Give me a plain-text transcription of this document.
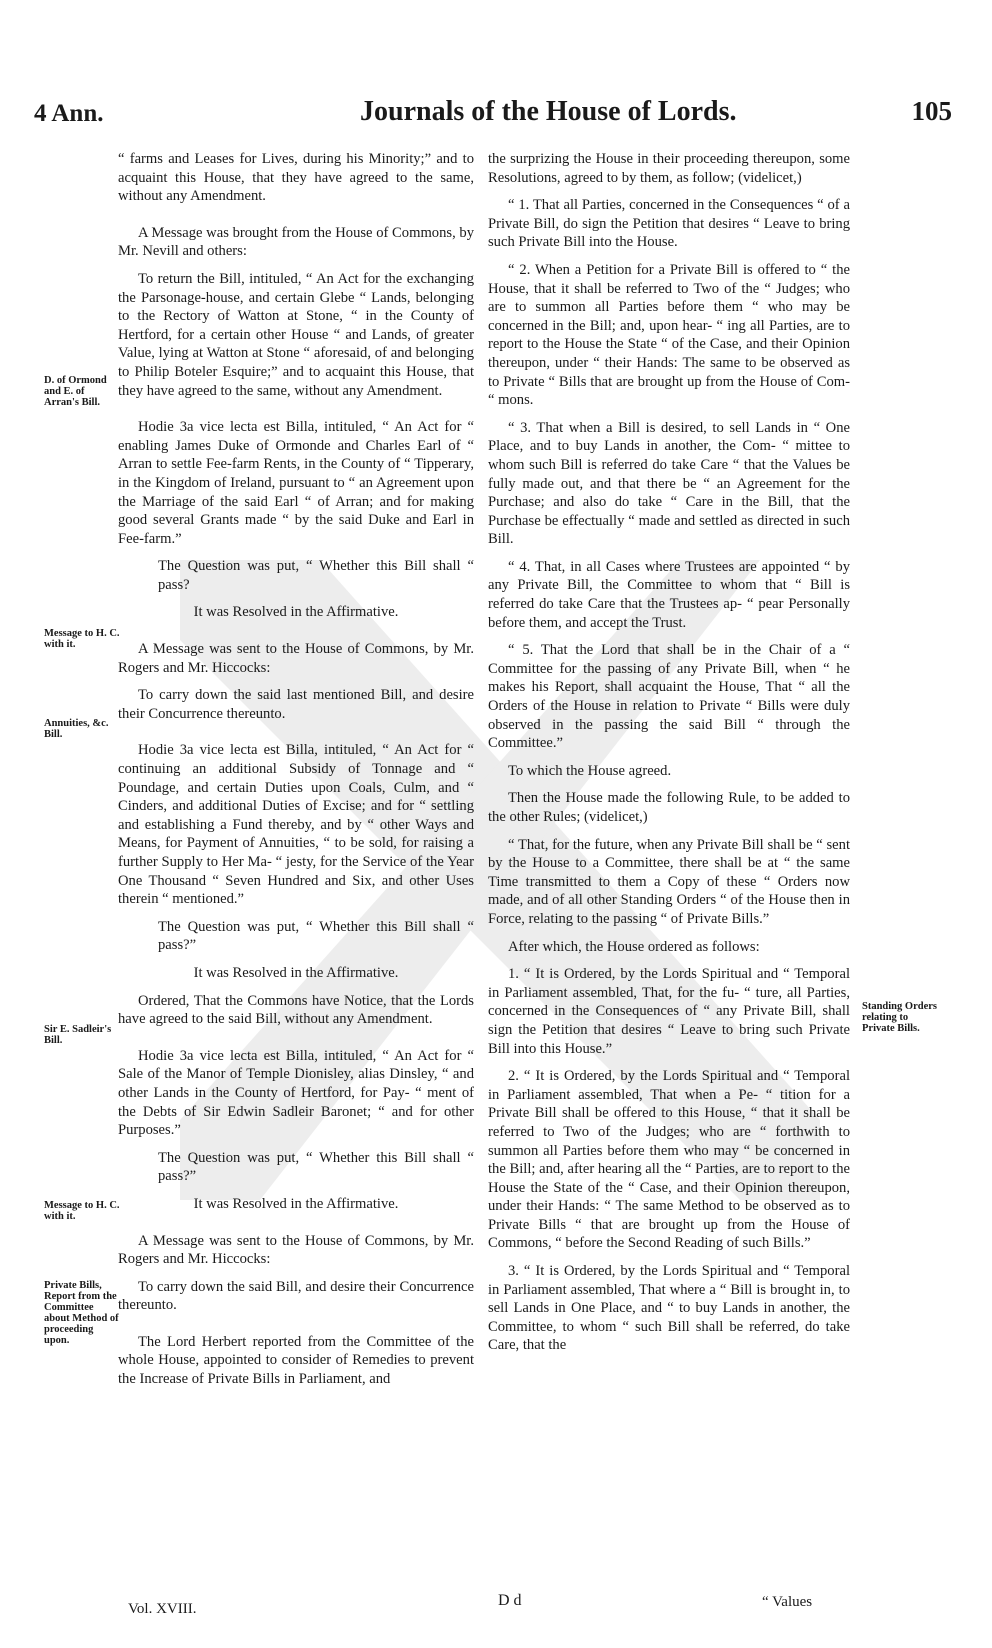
4 Ann.	Journals of the House of Lords.	105

“ farms and Leases for Lives, during his Minority;” and to acquaint this House, that they have agreed to the same, without any Amendment.

A Message was brought from the House of Commons, by Mr. Nevill and others:

To return the Bill, intituled, “ An Act for the exchanging the Parsonage-house, and certain Glebe “ Lands, belonging to the Rectory of Watton at Stone, “ in the County of Hertford, for a certain other House “ and Lands, of greater Value, lying at Watton at Stone “ aforesaid, of and belonging to Philip Boteler Esquire;” and to acquaint this House, that they have agreed to the same, without any Amendment.

Hodie 3a vice lecta est Billa, intituled, “ An Act for “ enabling James Duke of Ormonde and Charles Earl of “ Arran to settle Fee-farm Rents, in the County of “ Tipperary, in the Kingdom of Ireland, pursuant to “ an Agreement upon the Marriage of the said Earl “ of Arran; and for making good several Grants made “ by the said Duke and Earl in Fee-farm.”

The Question was put, “ Whether this Bill shall “ pass?

It was Resolved in the Affirmative.

A Message was sent to the House of Commons, by Mr. Rogers and Mr. Hiccocks:

To carry down the said last mentioned Bill, and desire their Concurrence thereunto.

Hodie 3a vice lecta est Billa, intituled, “ An Act for “ continuing an additional Subsidy of Tonnage and “ Poundage, and certain Duties upon Coals, Culm, and “ Cinders, and additional Duties of Excise; and for “ settling and establishing a Fund thereby, and by “ other Ways and Means, for Payment of Annuities, “ to be sold, for raising a further Supply to Her Ma- “ jesty, for the Service of the Year One Thousand “ Seven Hundred and Six, and other Uses therein “ mentioned.”

The Question was put, “ Whether this Bill shall “ pass?”

It was Resolved in the Affirmative.

Ordered, That the Commons have Notice, that the Lords have agreed to the said Bill, without any Amendment.

Hodie 3a vice lecta est Billa, intituled, “ An Act for “ Sale of the Manor of Temple Dionisley, alias Dinsley, “ and other Lands in the County of Hertford, for Pay- “ ment of the Debts of Sir Edwin Sadleir Baronet; “ and for other Purposes.”

The Question was put, “ Whether this Bill shall “ pass?”

It was Resolved in the Affirmative.

A Message was sent to the House of Commons, by Mr. Rogers and Mr. Hiccocks:

To carry down the said Bill, and desire their Concurrence thereunto.

The Lord Herbert reported from the Committee of the whole House, appointed to consider of Remedies to prevent the Increase of Private Bills in Parliament, and

the surprizing the House in their proceeding thereupon, some Resolutions, agreed to by them, as follow; (videlicet,)

“ 1. That all Parties, concerned in the Consequences “ of a Private Bill, do sign the Petition that desires “ Leave to bring such Private Bill into the House.

“ 2. When a Petition for a Private Bill is offered to “ the House, that it shall be referred to Two of the “ Judges; who are to summon all Parties before them “ who may be concerned in the Bill; and, upon hear- “ ing all Parties, are to report to the House the State “ of the Case, and their Opinion thereupon, under “ their Hands: The same to be observed as to Private “ Bills that are brought up from the House of Com- “ mons.

“ 3. That when a Bill is desired, to sell Lands in “ One Place, and to buy Lands in another, the Com- “ mittee to whom such Bill is referred do take Care “ that the Values be fully made out, and that there be “ an Agreement for the Purchase; and also do take “ Care in the Bill, that the Purchase be effectually “ made and settled as directed in such Bill.

“ 4. That, in all Cases where Trustees are appointed “ by any Private Bill, the Committee to whom that “ Bill is referred do take Care that the Trustees ap- “ pear Personally before them, and accept the Trust.

“ 5. That the Lord that shall be in the Chair of a “ Committee for the passing of any Private Bill, when “ he makes his Report, shall acquaint the House, That “ all the Orders of the House in relation to Private “ Bills were duly observed in the passing the said Bill “ through the Committee.”

To which the House agreed.

Then the House made the following Rule, to be added to the other Rules; (videlicet,)

“ That, for the future, when any Private Bill shall be “ sent by the House to a Committee, there shall be at “ the same Time transmitted to them a Copy of these “ Orders now made, and of all other Standing Orders “ of the House then in Force, relating to the passing “ of Private Bills.”

After which, the House ordered as follows:

1. “ It is Ordered, by the Lords Spiritual and “ Temporal in Parliament assembled, That, for the fu- “ ture, all Parties, concerned in the Consequences of “ any Private Bill, shall sign the Petition that desires “ Leave to bring such Private Bill into this House.”

2. “ It is Ordered, by the Lords Spiritual and “ Temporal in Parliament assembled, That when a Pe- “ tition for a Private Bill shall be offered to this House, “ that it shall be referred to Two of the Judges; who are “ forthwith to summon all Parties before them who may “ be concerned in the Bill; and, after hearing all the “ Parties, are to report to the House the State of the “ Case, and their Opinion thereupon, under their Hands: “ The same Method to be observed as to Private Bills “ that are brought up from the House of Commons, “ before the Second Reading of such Bills.”

3. “ It is Ordered, by the Lords Spiritual and “ Temporal in Parliament assembled, That where a “ Bill is brought in, to sell Lands in One Place, and “ to buy Lands in another, the Committee, to whom “ such Bill shall be referred, do take Care, that the

D. of Ormond and E. of Arran's Bill.
Message to H. C. with it.
Annuities, &c. Bill.
Sir E. Sadleir's Bill.
Message to H. C. with it.
Private Bills, Report from the Committee about Method of proceeding upon.
Standing Orders relating to Private Bills.
Vol. XVIII.	D d	“ Values
